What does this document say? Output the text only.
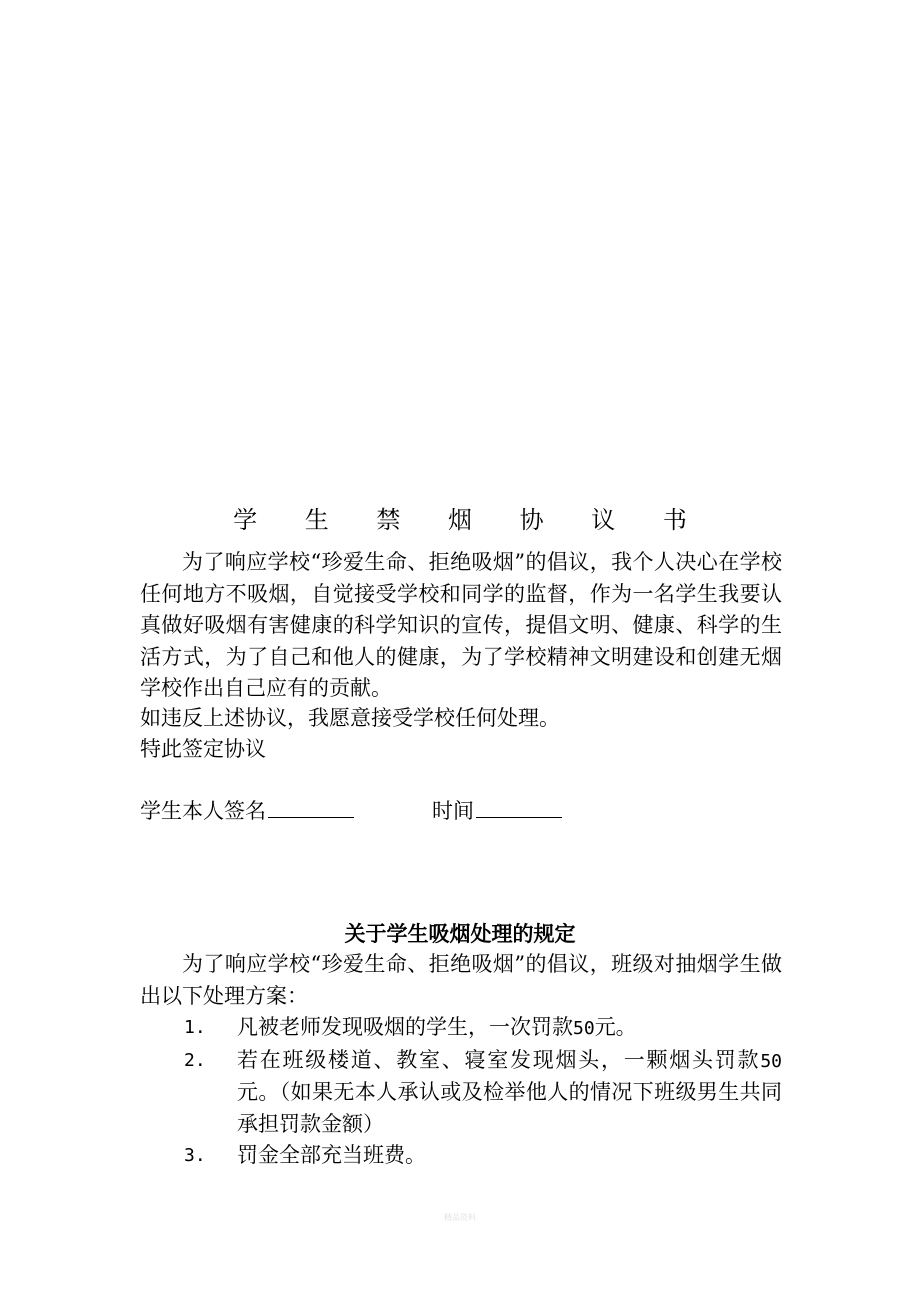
学 生 禁 烟 协 议 书
为了响应学校“珍爱生命、拒绝吸烟”的倡议，我个人决心在学校任何地方不吸烟，自觉接受学校和同学的监督，作为一名学生我要认真做好吸烟有害健康的科学知识的宣传，提倡文明、健康、科学的生活方式，为了自己和他人的健康，为了学校精神文明建设和创建无烟学校作出自己应有的贡献。
如违反上述协议，我愿意接受学校任何处理。
特此签定协议
学生本人签名	时间
关于学生吸烟处理的规定
为了响应学校“珍爱生命、拒绝吸烟”的倡议，班级对抽烟学生做出以下处理方案：
1. 凡被老师发现吸烟的学生，一次罚款50元。
2. 若在班级楼道、教室、寝室发现烟头，一颗烟头罚款50元。（如果无本人承认或及检举他人的情况下班级男生共同承担罚款金额）
3. 罚金全部充当班费。
精品资料
